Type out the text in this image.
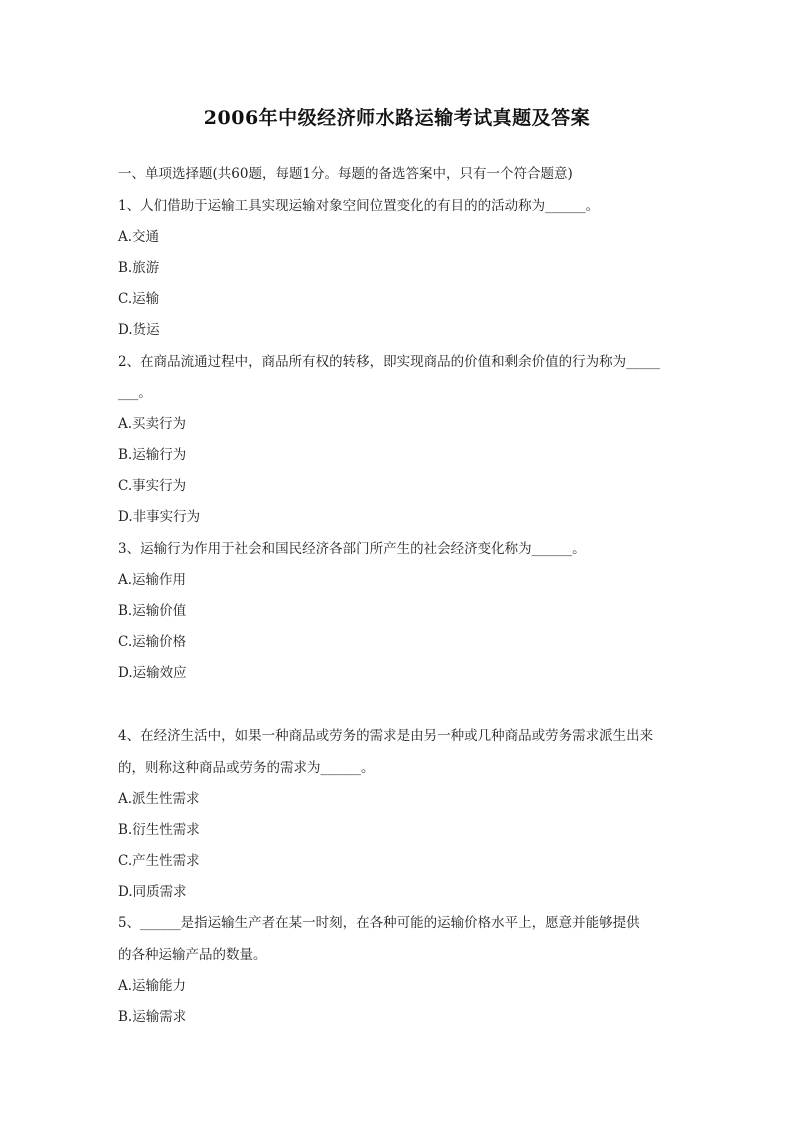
2006年中级经济师水路运输考试真题及答案
一、单项选择题(共60题，每题1分。每题的备选答案中，只有一个符合题意)
1、人们借助于运输工具实现运输对象空间位置变化的有目的的活动称为______。
A.交通
B.旅游
C.运输
D.货运
2、在商品流通过程中，商品所有权的转移，即实现商品的价值和剩余价值的行为称为_____
___。
A.买卖行为
B.运输行为
C.事实行为
D.非事实行为
3、运输行为作用于社会和国民经济各部门所产生的社会经济变化称为______。
A.运输作用
B.运输价值
C.运输价格
D.运输效应
4、在经济生活中，如果一种商品或劳务的需求是由另一种或几种商品或劳务需求派生出来
的，则称这种商品或劳务的需求为______。
A.派生性需求
B.衍生性需求
C.产生性需求
D.同质需求
5、______是指运输生产者在某一时刻，在各种可能的运输价格水平上，愿意并能够提供
的各种运输产品的数量。
A.运输能力
B.运输需求
